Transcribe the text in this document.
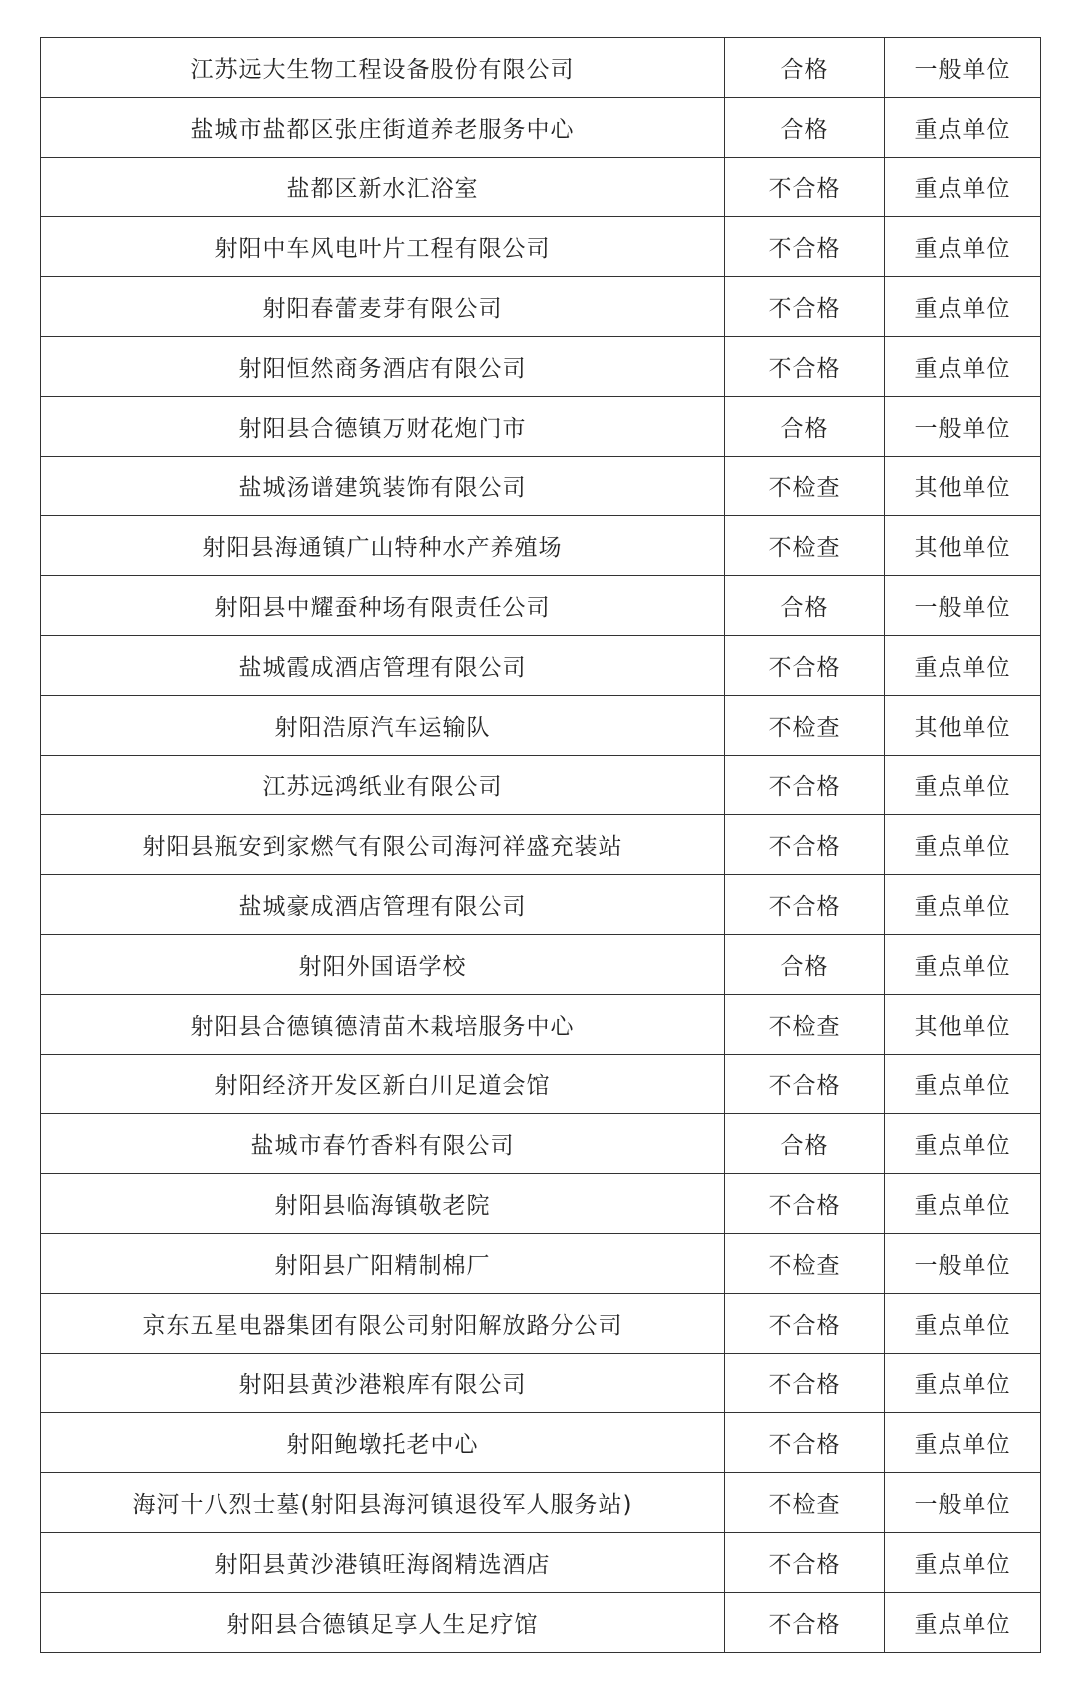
江苏远大生物工程设备股份有限公司	合格	一般单位
盐城市盐都区张庄街道养老服务中心	合格	重点单位
盐都区新水汇浴室	不合格	重点单位
射阳中车风电叶片工程有限公司	不合格	重点单位
射阳春蕾麦芽有限公司	不合格	重点单位
射阳恒然商务酒店有限公司	不合格	重点单位
射阳县合德镇万财花炮门市	合格	一般单位
盐城汤谱建筑装饰有限公司	不检查	其他单位
射阳县海通镇广山特种水产养殖场	不检查	其他单位
射阳县中耀蚕种场有限责任公司	合格	一般单位
盐城霞成酒店管理有限公司	不合格	重点单位
射阳浩原汽车运输队	不检查	其他单位
江苏远鸿纸业有限公司	不合格	重点单位
射阳县瓶安到家燃气有限公司海河祥盛充装站	不合格	重点单位
盐城豪成酒店管理有限公司	不合格	重点单位
射阳外国语学校	合格	重点单位
射阳县合德镇德清苗木栽培服务中心	不检查	其他单位
射阳经济开发区新白川足道会馆	不合格	重点单位
盐城市春竹香料有限公司	合格	重点单位
射阳县临海镇敬老院	不合格	重点单位
射阳县广阳精制棉厂	不检查	一般单位
京东五星电器集团有限公司射阳解放路分公司	不合格	重点单位
射阳县黄沙港粮库有限公司	不合格	重点单位
射阳鲍墩托老中心	不合格	重点单位
海河十八烈士墓(射阳县海河镇退役军人服务站)	不检查	一般单位
射阳县黄沙港镇旺海阁精选酒店	不合格	重点单位
射阳县合德镇足享人生足疗馆	不合格	重点单位
